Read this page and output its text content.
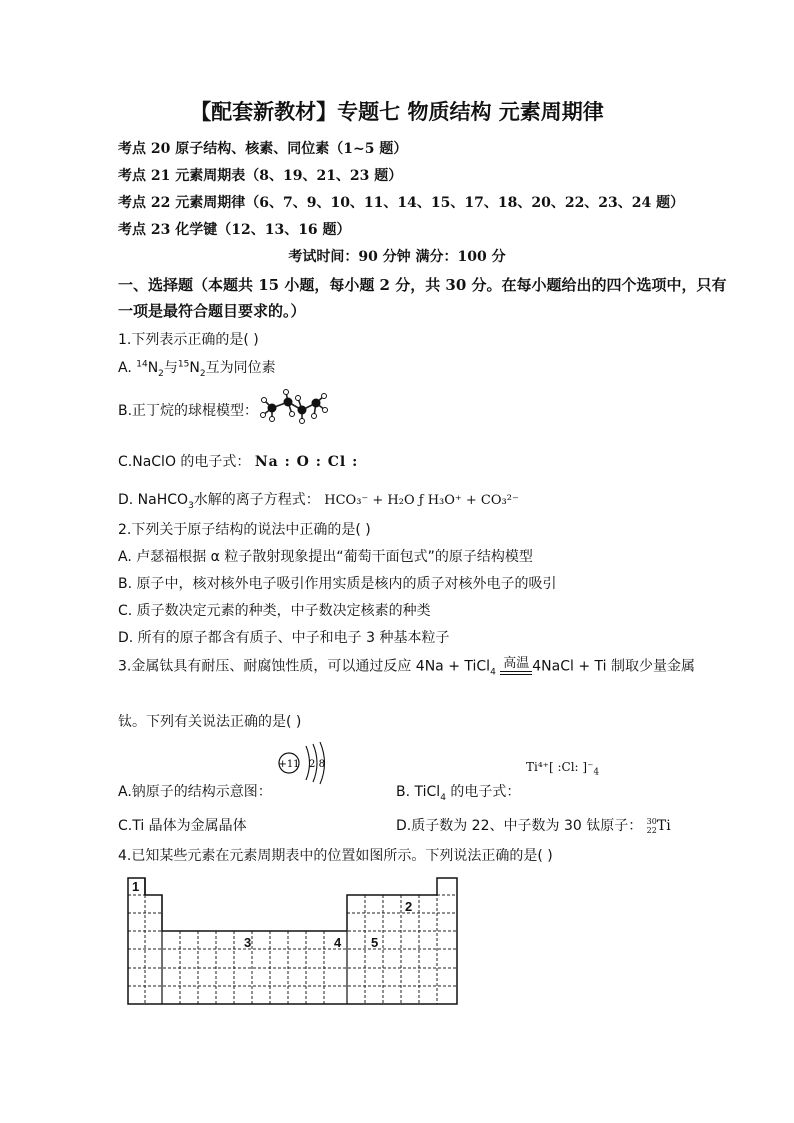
【配套新教材】专题七 物质结构 元素周期律
考点 20 原子结构、核素、同位素（1~5 题）
考点 21 元素周期表（8、19、21、23 题）
考点 22 元素周期律（6、7、9、10、11、14、15、17、18、20、22、23、24 题）
考点 23 化学键（12、13、16 题）
考试时间：90 分钟 满分：100 分
一、选择题（本题共 15 小题，每小题 2 分，共 30 分。在每小题给出的四个选项中，只有
一项是最符合题目要求的。）
1.下列表示正确的是( )
A. $^{14}N_2$与$^{15}N_2$互为同位素
B.正丁烷的球棍模型：
C.NaClO 的电子式： Na : O : Cl :
D. NaHCO$_3$水解的离子方程式： HCO₃⁻ + H₂O ƒ H₃O⁺ + CO₃²⁻
2.下列关于原子结构的说法中正确的是( )
A. 卢瑟福根据 α 粒子散射现象提出“葡萄干面包式”的原子结构模型
B. 原子中，核对核外电子吸引作用实质是核内的质子对核外电子的吸引
C. 质子数决定元素的种类，中子数决定核素的种类
D. 所有的原子都含有质子、中子和电子 3 种基本粒子
3.金属钛具有耐压、耐腐蚀性质，可以通过反应 4Na + TiCl$_4$
高温 4NaCl + Ti 制取少量金属
钛。下列有关说法正确的是( )
+11 2 8
A.钠原子的结构示意图：	B. TiCl$_4$ 的电子式：
Ti⁴⁺[ :Cl: ]$^-_4$
C.Ti 晶体为金属晶体	D.质子数为 22、中子数为 30 钛原子： 30
22 Ti
4.已知某些元素在元素周期表中的位置如图所示。下列说法正确的是( )
1
2
3	4 5
